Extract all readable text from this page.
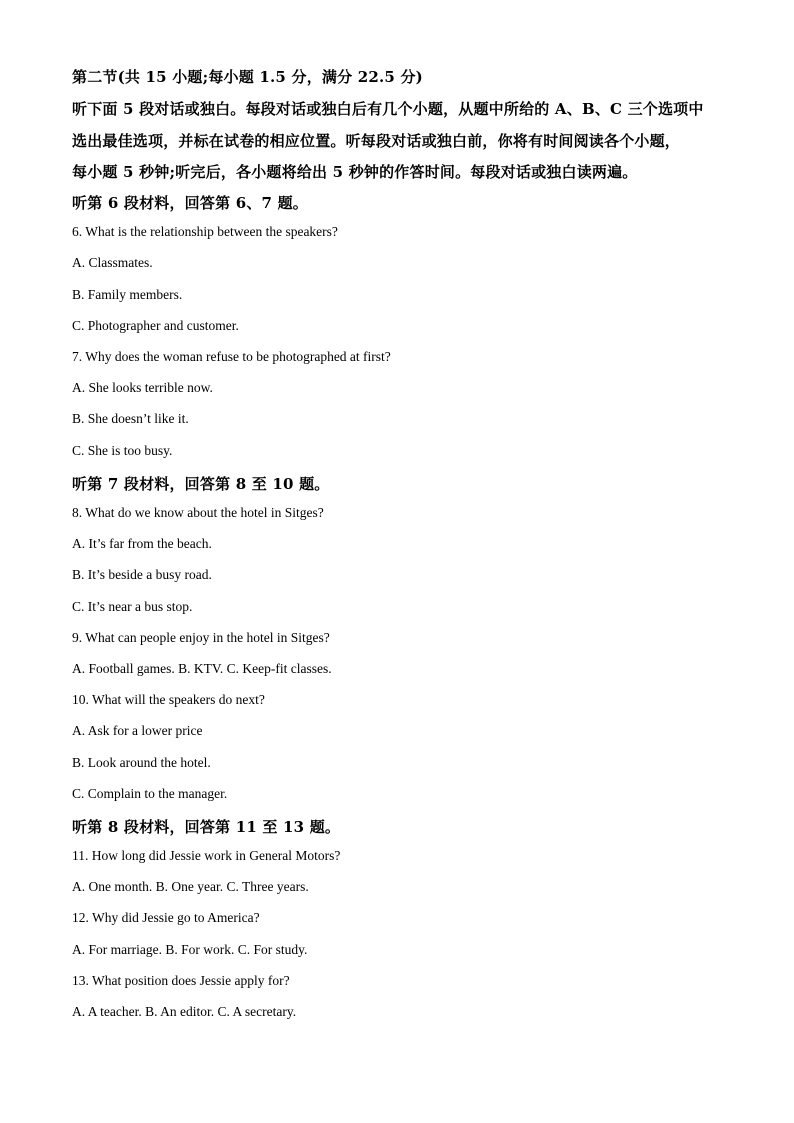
第二节(共 15 小题;每小题 1.5 分，满分 22.5 分)
听下面 5 段对话或独白。每段对话或独白后有几个小题，从题中所给的 A、B、C 三个选项中
选出最佳选项，并标在试卷的相应位置。听每段对话或独白前，你将有时间阅读各个小题，
每小题 5 秒钟;听完后，各小题将给出 5 秒钟的作答时间。每段对话或独白读两遍。
听第 6 段材料，回答第 6、7 题。
6. What is the relationship between the speakers?
A. Classmates.
B. Family members.
C. Photographer and customer.
7. Why does the woman refuse to be photographed at first?
A. She looks terrible now.
B. She doesn’t like it.
C. She is too busy.
听第 7 段材料，回答第 8 至 10 题。
8. What do we know about the hotel in Sitges?
A. It’s far from the beach.
B. It’s beside a busy road.
C. It’s near a bus stop.
9. What can people enjoy in the hotel in Sitges?
A. Football games. B. KTV. C. Keep-fit classes.
10. What will the speakers do next?
A. Ask for a lower price
B. Look around the hotel.
C. Complain to the manager.
听第 8 段材料，回答第 11 至 13 题。
11. How long did Jessie work in General Motors?
A. One month. B. One year. C. Three years.
12. Why did Jessie go to America?
A. For marriage. B. For work. C. For study.
13. What position does Jessie apply for?
A. A teacher. B. An editor. C. A secretary.
